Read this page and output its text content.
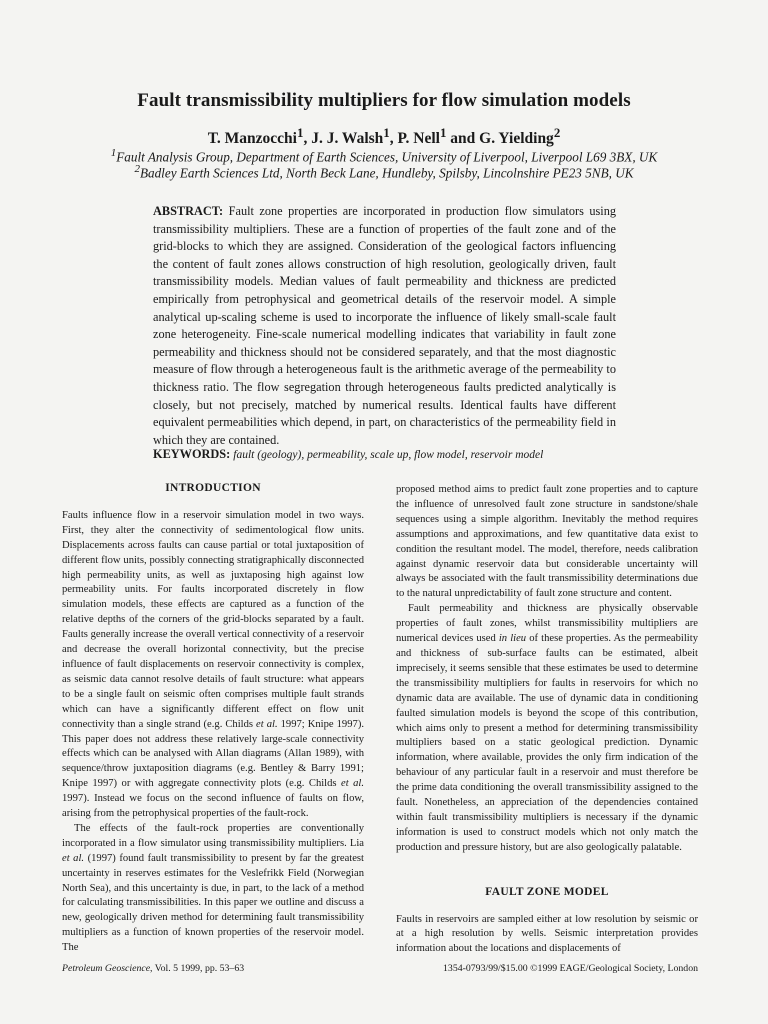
Fault transmissibility multipliers for flow simulation models
T. Manzocchi$^1$, J. J. Walsh$^1$, P. Nell$^1$ and G. Yielding$^2$
$^1$Fault Analysis Group, Department of Earth Sciences, University of Liverpool, Liverpool L69 3BX, UK
$^2$Badley Earth Sciences Ltd, North Beck Lane, Hundleby, Spilsby, Lincolnshire PE23 5NB, UK

ABSTRACT: Fault zone properties are incorporated in production flow simulators using transmissibility multipliers. These are a function of properties of the fault zone and of the grid-blocks to which they are assigned. Consideration of the geological factors influencing the content of fault zones allows construction of high resolution, geologically driven, fault transmissibility models. Median values of fault permeability and thickness are predicted empirically from petrophysical and geometrical details of the reservoir model. A simple analytical up-scaling scheme is used to incorporate the influence of likely small-scale fault zone heterogeneity. Fine-scale numerical modelling indicates that variability in fault zone permeability and thickness should not be considered separately, and that the most diagnostic measure of flow through a heterogeneous fault is the arithmetic average of the permeability to thickness ratio. The flow segregation through heterogeneous faults predicted analytically is closely, but not precisely, matched by numerical results. Identical faults have different equivalent permeabilities which depend, in part, on characteristics of the permeability field in which they are contained.

KEYWORDS: fault (geology), permeability, scale up, flow model, reservoir model

INTRODUCTION

Faults influence flow in a reservoir simulation model in two ways. First, they alter the connectivity of sedimentological flow units. Displacements across faults can cause partial or total juxtaposition of different flow units, possibly connecting stratigraphically disconnected high permeability units, as well as juxtaposing high against low permeability units. For faults incorporated discretely in flow simulation models, these effects are captured as a function of the relative depths of the corners of the grid-blocks separated by a fault. Faults generally increase the overall vertical connectivity of a reservoir and decrease the overall horizontal connectivity, but the precise influence of fault displacements on reservoir connectivity is complex, as seismic data cannot resolve details of fault structure: what appears to be a single fault on seismic often comprises multiple fault strands which can have a significantly different effect on flow unit connectivity than a single strand (e.g. Childs et al. 1997; Knipe 1997). This paper does not address these relatively large-scale connectivity effects which can be analysed with Allan diagrams (Allan 1989), with sequence/throw juxtaposition diagrams (e.g. Bentley & Barry 1991; Knipe 1997) or with aggregate connectivity plots (e.g. Childs et al. 1997). Instead we focus on the second influence of faults on flow, arising from the petrophysical properties of the fault-rock.

The effects of the fault-rock properties are conventionally incorporated in a flow simulator using transmissibility multipliers. Lia et al. (1997) found fault transmissibility to present by far the greatest uncertainty in reserves estimates for the Veslefrikk Field (Norwegian North Sea), and this uncertainty is due, in part, to the lack of a method for calculating transmissibilities. In this paper we outline and discuss a new, geologically driven method for determining fault transmissibility multipliers as a function of known properties of the reservoir model. The

proposed method aims to predict fault zone properties and to capture the influence of unresolved fault zone structure in sandstone/shale sequences using a simple algorithm. Inevitably the method requires assumptions and approximations, and few quantitative data exist to condition the resultant model. The model, therefore, needs calibration against dynamic reservoir data but considerable uncertainty will always be associated with the fault transmissibility determinations due to the natural unpredictability of fault zone structure and content.

Fault permeability and thickness are physically observable properties of fault zones, whilst transmissibility multipliers are numerical devices used in lieu of these properties. As the permeability and thickness of sub-surface faults can be estimated, albeit imprecisely, it seems sensible that these estimates be used to determine the transmissibility multipliers for faults in reservoirs for which no dynamic data are available. The use of dynamic data in conditioning faulted simulation models is beyond the scope of this contribution, which aims only to present a method for determining transmissibility multipliers based on a static geological prediction. Dynamic information, where available, provides the only firm indication of the behaviour of any particular fault in a reservoir and must therefore be the prime data conditioning the overall transmissibility assigned to the fault. Nonetheless, an appreciation of the dependencies contained within fault transmissibility multipliers is necessary if the dynamic information is used to construct models which not only match the production and pressure history, but are also geologically palatable.

FAULT ZONE MODEL

Faults in reservoirs are sampled either at low resolution by seismic or at a high resolution by wells. Seismic interpretation provides information about the locations and displacements of

Petroleum Geoscience, Vol. 5 1999, pp. 53–63	1354-0793/99/$15.00 ©1999 EAGE/Geological Society, London
